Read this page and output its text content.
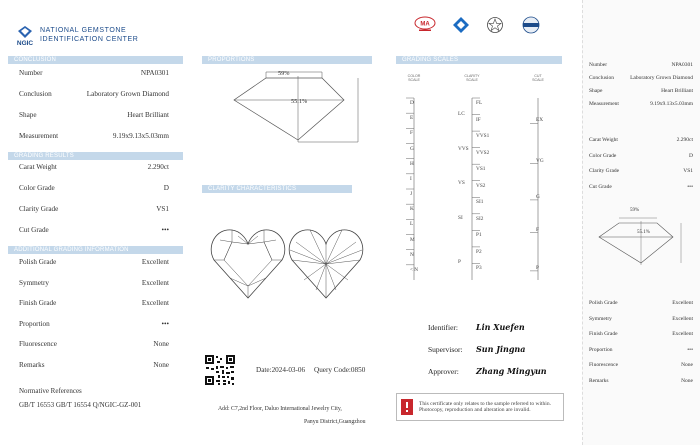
NGIC
NATIONAL GEMSTONE
IDENTIFICATION CENTER
CONCLUSION
Number	NPA0301
Conclusion	Laboratory Grown Diamond
Shape	Heart Brilliant
Measurement	9.19x9.13x5.03mm
GRADING RESULTS
Carat Weight	2.290ct
Color Grade	D
Clarity Grade	VS1
Cut Grade	•••
ADDITIONAL GRADING INFORMATION
Polish Grade	Excellent
Symmetry	Excellent
Finish Grade	Excellent
Proportion	•••
Fluorescence	None
Remarks	None
Normative References
GB/T 16553 GB/T 16554 Q/NGIC-GZ-001
PROPORTIONS
59%
55.1%
CLARITY CHARACTERISTICS
Date:2024-03-06 Query Code:0850
Add: C7,2nd Floor, Daluo International Jewelry City,
Panyu District,Guangzhou
MA
GRADING SCALES
COLOR SCALE
CLARITY SCALE
CUT SCALE
D
E
F
G
H
I
J
K
L
M
N
< N
FL
IF
VVS1
VVS2
VS1
VS2
SI1
SI2
P1
P2
P3
LC
VVS
VS
SI
P
EX
VG
G
F
P
Identifier: Lin Xuefen
Supervisor: Sun Jingna
Approver: Zhang Mingyun
This certificate only relates to the sample referred to within. Photocopy, reproduction and alteration are invalid.
Number	NPA0301
Conclusion	Laboratory Grown Diamond
Shape	Heart Brilliant
Measurement	9.19x9.13x5.03mm
Carat Weight	2.290ct
Color Grade	D
Clarity Grade	VS1
Cut Grade	•••
59%
55.1%
Polish Grade	Excellent
Symmetry	Excellent
Finish Grade	Excellent
Proportion	•••
Fluorescence	None
Remarks	None
